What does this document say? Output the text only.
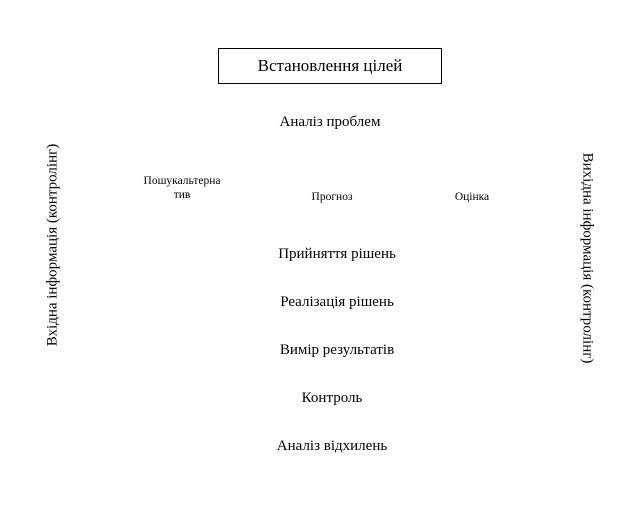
Встановлення цілей
Аналіз проблем
Пошукальтерна
тив	Прогноз	Оцінка
Прийняття рішень
Реалізація рішень
Вимір результатів
Контроль
Аналіз відхилень
Вхідна інформація (контролінг)	Вихідна інформація (контролінг)
